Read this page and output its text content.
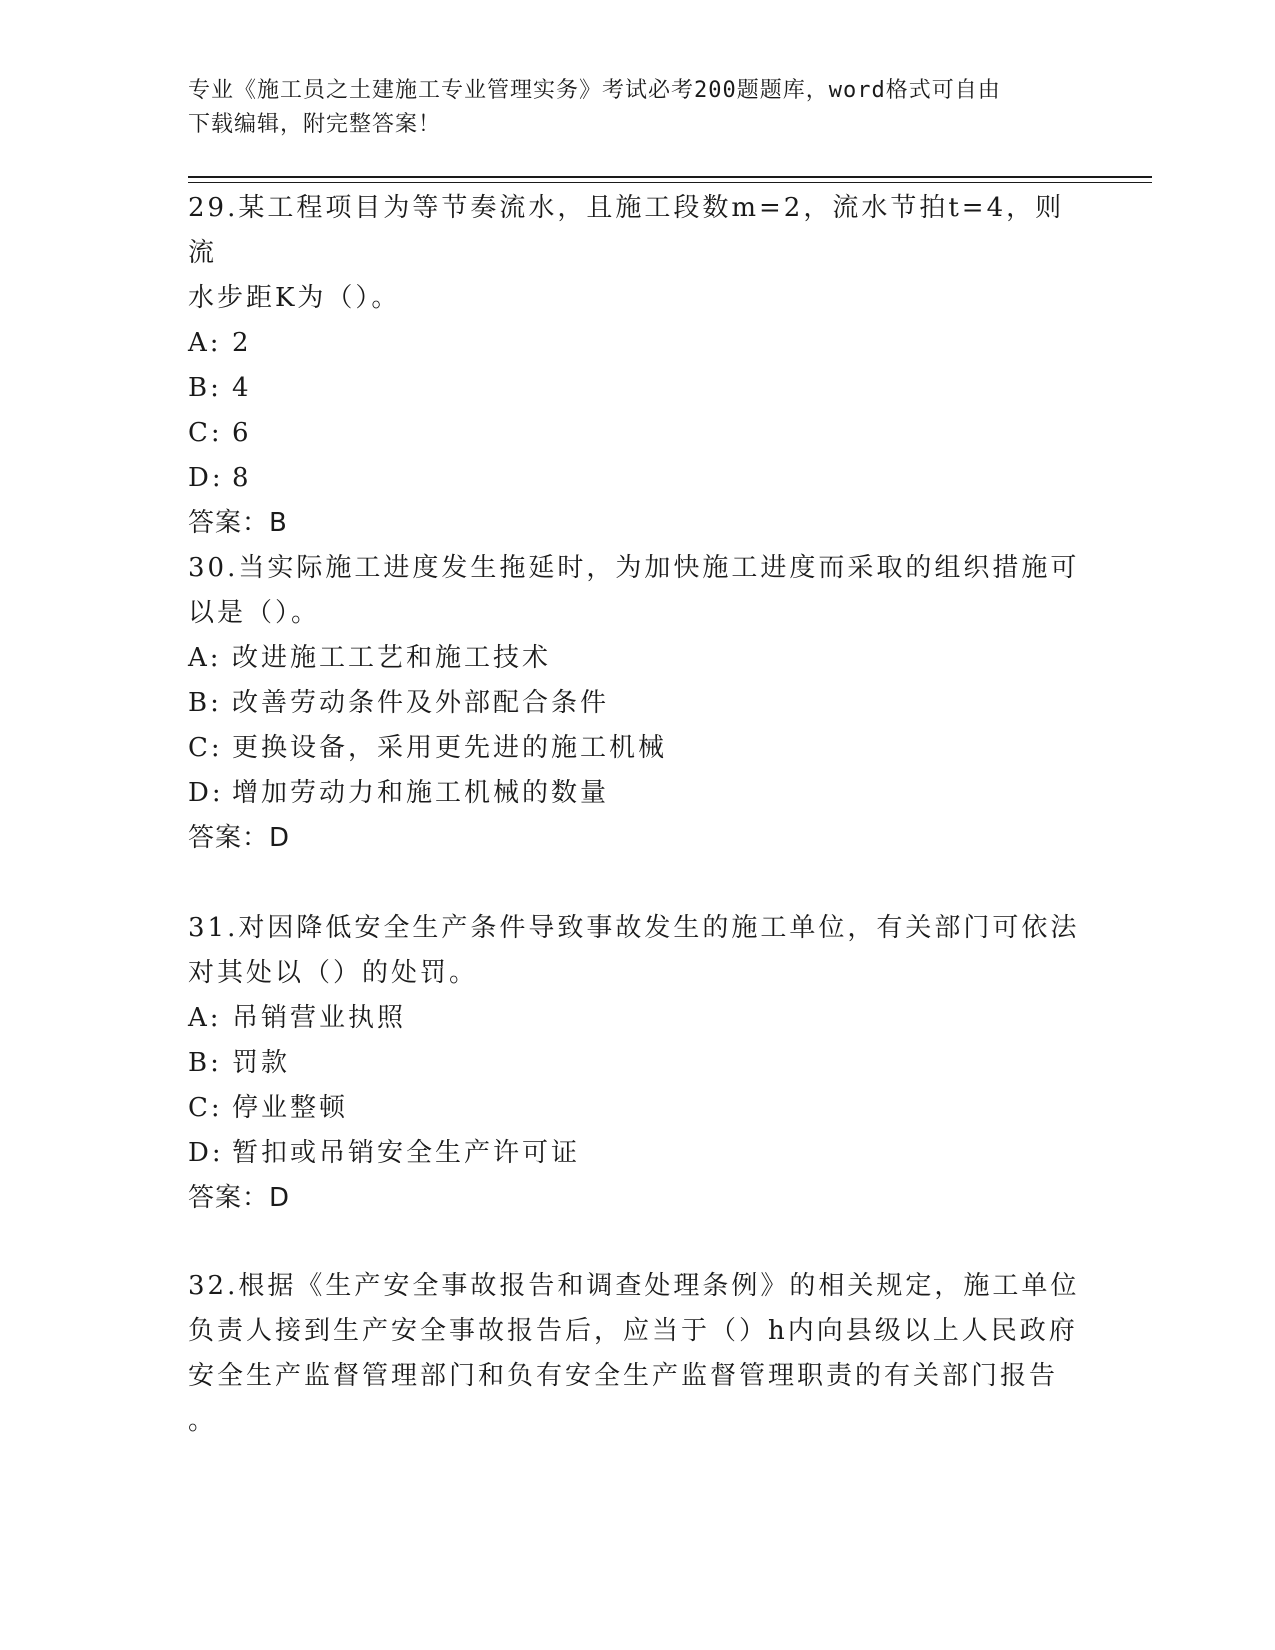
专业《施工员之土建施工专业管理实务》考试必考200题题库，word格式可自由

下载编辑，附完整答案！

29.某工程项目为等节奏流水，且施工段数m=2，流水节拍t=4，则流

水步距K为（）。

A: 2

B: 4

C: 6

D: 8

答案：B

30.当实际施工进度发生拖延时，为加快施工进度而采取的组织措施可

以是（）。

A: 改进施工工艺和施工技术

B: 改善劳动条件及外部配合条件

C: 更换设备，采用更先进的施工机械

D: 增加劳动力和施工机械的数量

答案：D

31.对因降低安全生产条件导致事故发生的施工单位，有关部门可依法

对其处以（）的处罚。

A: 吊销营业执照

B: 罚款

C: 停业整顿

D: 暂扣或吊销安全生产许可证

答案：D

32.根据《生产安全事故报告和调查处理条例》的相关规定，施工单位

负责人接到生产安全事故报告后，应当于（）h内向县级以上人民政府

安全生产监督管理部门和负有安全生产监督管理职责的有关部门报告

。
